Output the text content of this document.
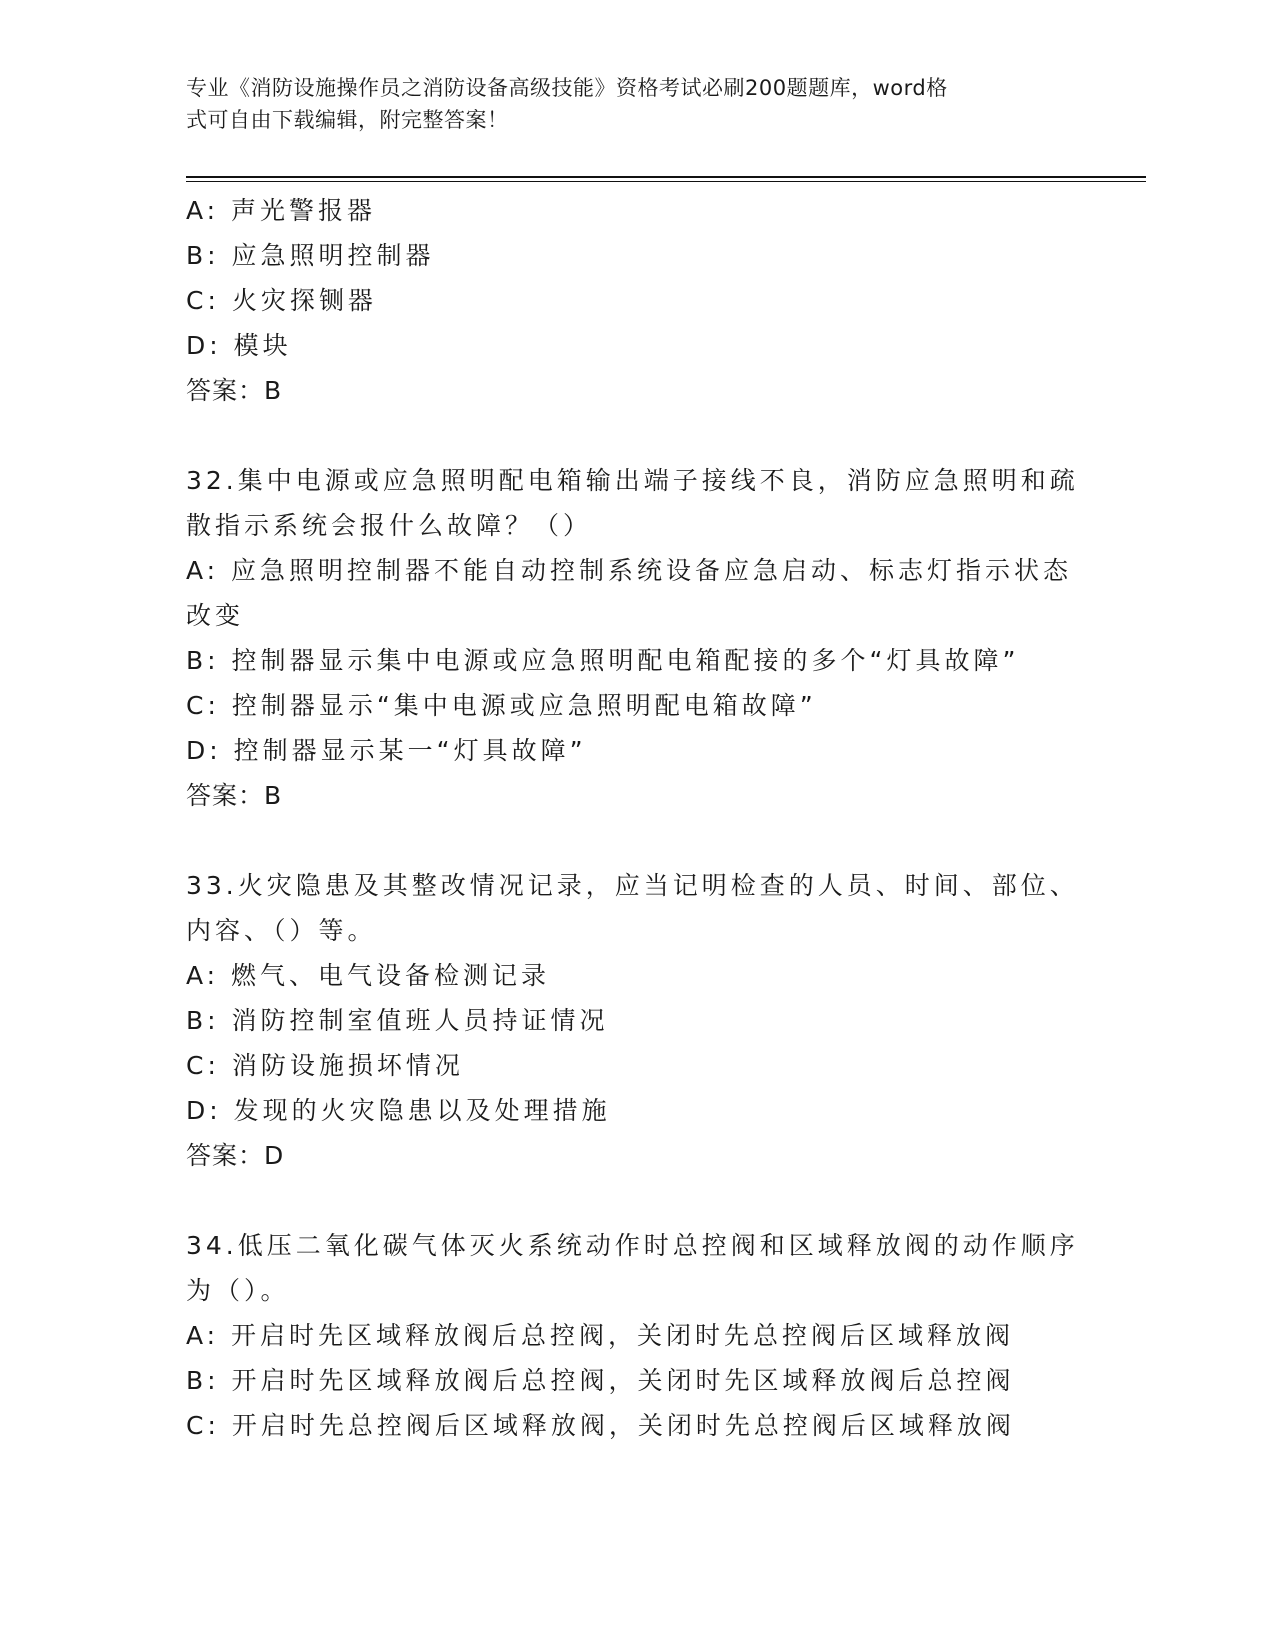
专业《消防设施操作员之消防设备高级技能》资格考试必刷200题题库，word格
式可自由下载编辑，附完整答案！
A: 声光警报器
B: 应急照明控制器
C: 火灾探铡器
D: 模块
答案：B
32.集中电源或应急照明配电箱输出端子接线不良，消防应急照明和疏
散指示系统会报什么故障？（）
A: 应急照明控制器不能自动控制系统设备应急启动、标志灯指示状态
改变
B: 控制器显示集中电源或应急照明配电箱配接的多个“灯具故障”
C: 控制器显示“集中电源或应急照明配电箱故障”
D: 控制器显示某一“灯具故障”
答案：B
33.火灾隐患及其整改情况记录，应当记明检查的人员、时间、部位、
内容、（）等。
A: 燃气、电气设备检测记录
B: 消防控制室值班人员持证情况
C: 消防设施损坏情况
D: 发现的火灾隐患以及处理措施
答案：D
34.低压二氧化碳气体灭火系统动作时总控阀和区域释放阀的动作顺序
为（）。
A: 开启时先区域释放阀后总控阀，关闭时先总控阀后区域释放阀
B: 开启时先区域释放阀后总控阀，关闭时先区域释放阀后总控阀
C: 开启时先总控阀后区域释放阀，关闭时先总控阀后区域释放阀
